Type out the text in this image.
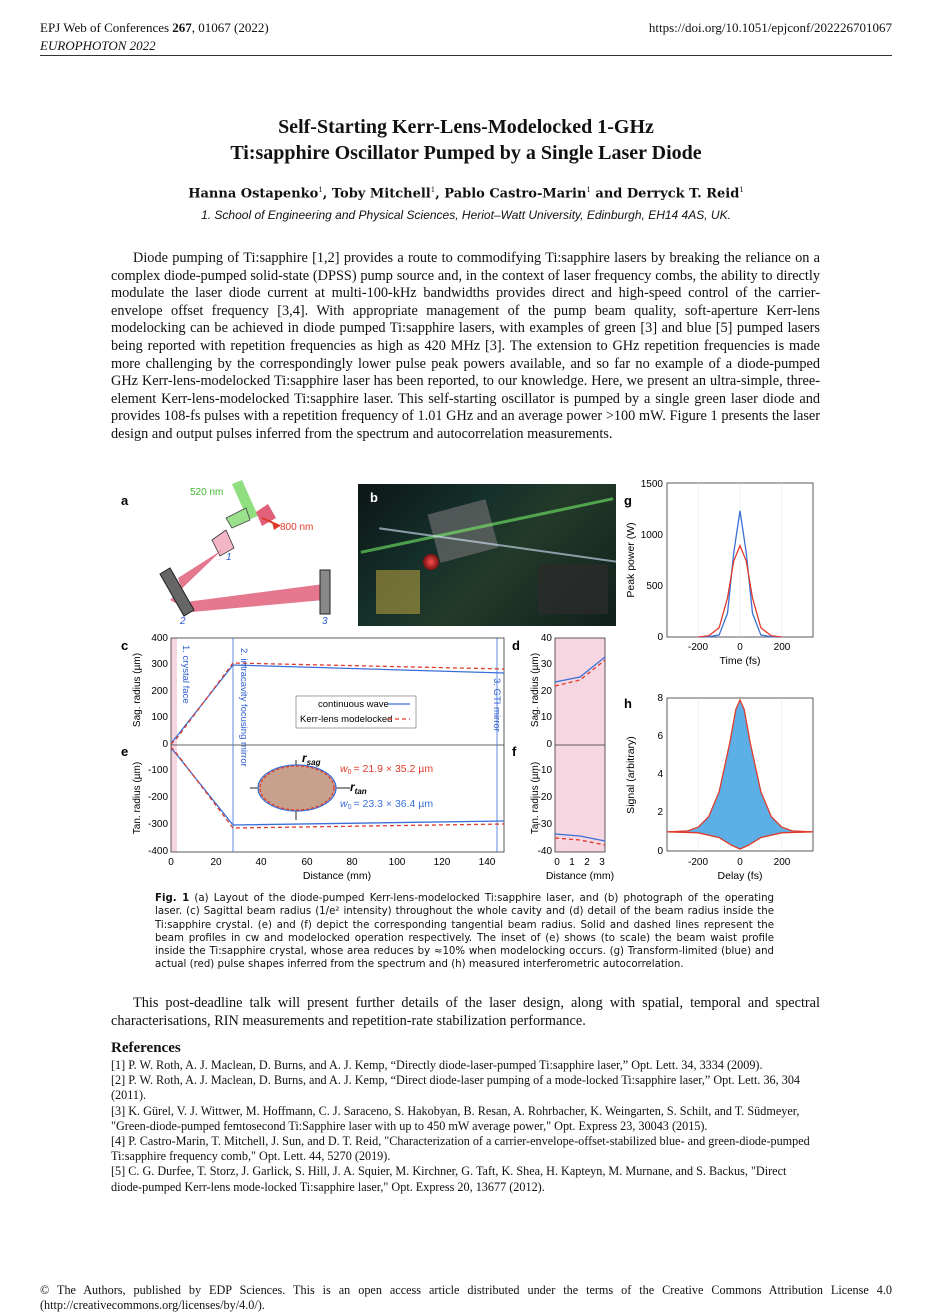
EPJ Web of Conferences 267, 01067 (2022)
EUROPHOTON 2022
https://doi.org/10.1051/epjconf/202226701067
Self-Starting Kerr-Lens-Modelocked 1-GHz
Ti:sapphire Oscillator Pumped by a Single Laser Diode
Hanna Ostapenko$^1$, Toby Mitchell$^1$, Pablo Castro-Marin$^1$ and Derryck T. Reid$^1$
1. School of Engineering and Physical Sciences, Heriot–Watt University, Edinburgh, EH14 4AS, UK.
Diode pumping of Ti:sapphire [1,2] provides a route to commodifying Ti:sapphire lasers by breaking the reliance on a complex diode-pumped solid-state (DPSS) pump source and, in the context of laser frequency combs, the ability to directly modulate the laser diode current at multi-100-kHz bandwidths provides direct and high-speed control of the carrier-envelope offset frequency [3,4]. With appropriate management of the pump beam quality, soft-aperture Kerr-lens modelocking can be achieved in diode pumped Ti:sapphire lasers, with examples of green [3] and blue [5] pumped lasers being reported with repetition frequencies as high as 420 MHz [3]. The extension to GHz repetition frequencies is made more challenging by the correspondingly lower pulse peak powers available, and so far no example of a diode-pumped GHz Kerr-lens-modelocked Ti:sapphire laser has been reported, to our knowledge. Here, we present an ultra-simple, three-element Kerr-lens-modelocked Ti:sapphire laser. This self-starting oscillator is pumped by a single green laser diode and provides 108-fs pulses with a repetition frequency of 1.01 GHz and an average power >100 mW. Figure 1 presents the laser design and output pulses inferred from the spectrum and autocorrelation measurements.
a
520 nm
800 nm
1
2	3
c
e
400
300
200
100
0
-100
-200
-300
-400
Sag. radius (µm)
Tan. radius (µm)
1. crystal face	2. intracavity focusing mirror	3. GTI mirror
continuous wave
Kerr-lens modelocked
$r_{sag}$
$r_{tan}$
w0 = 21.9 × 35.2 µm
w0 = 23.3 × 36.4 µm
0	20	40	60	80	100	120	140
Distance (mm)
d
f
40
30
20
10
0
-10
-20
-30
-40
Sag. radius (µm)
Tan. radius (µm)
0 1 2 3
Distance (mm)
g
1500
1000
500
0
-200	0	200
Time (fs)
Peak power (W)
h	8
6
4
2
0
-200	0	200
Delay (fs)
Signal (arbitrary)
b
Fig. 1 (a) Layout of the diode-pumped Kerr-lens-modelocked Ti:sapphire laser, and (b) photograph of the operating laser. (c) Sagittal beam radius (1/e² intensity) throughout the whole cavity and (d) detail of the beam radius inside the Ti:sapphire crystal. (e) and (f) depict the corresponding tangential beam radius. Solid and dashed lines represent the beam profiles in cw and modelocked operation respectively. The inset of (e) shows (to scale) the beam waist profile inside the Ti:sapphire crystal, whose area reduces by ≈10% when modelocking occurs. (g) Transform-limited (blue) and actual (red) pulse shapes inferred from the spectrum and (h) measured interferometric autocorrelation.
This post-deadline talk will present further details of the laser design, along with spatial, temporal and spectral characterisations, RIN measurements and repetition-rate stabilization performance.
References

[1] P. W. Roth, A. J. Maclean, D. Burns, and A. J. Kemp, “Directly diode-laser-pumped Ti:sapphire laser,” Opt. Lett. 34, 3334 (2009).

[2] P. W. Roth, A. J. Maclean, D. Burns, and A. J. Kemp, “Direct diode-laser pumping of a mode-locked Ti:sapphire laser,” Opt. Lett. 36, 304 (2011).

[3] K. Gürel, V. J. Wittwer, M. Hoffmann, C. J. Saraceno, S. Hakobyan, B. Resan, A. Rohrbacher, K. Weingarten, S. Schilt, and T. Südmeyer, "Green-diode-pumped femtosecond Ti:Sapphire laser with up to 450 mW average power," Opt. Express 23, 30043 (2015).

[4] P. Castro-Marin, T. Mitchell, J. Sun, and D. T. Reid, "Characterization of a carrier-envelope-offset-stabilized blue- and green-diode-pumped Ti:sapphire frequency comb," Opt. Lett. 44, 5270 (2019).

[5] C. G. Durfee, T. Storz, J. Garlick, S. Hill, J. A. Squier, M. Kirchner, G. Taft, K. Shea, H. Kapteyn, M. Murnane, and S. Backus, "Direct diode-pumped Kerr-lens mode-locked Ti:sapphire laser," Opt. Express 20, 13677 (2012).

© The Authors, published by EDP Sciences. This is an open access article distributed under the terms of the Creative Commons Attribution License 4.0 (http://creativecommons.org/licenses/by/4.0/).
